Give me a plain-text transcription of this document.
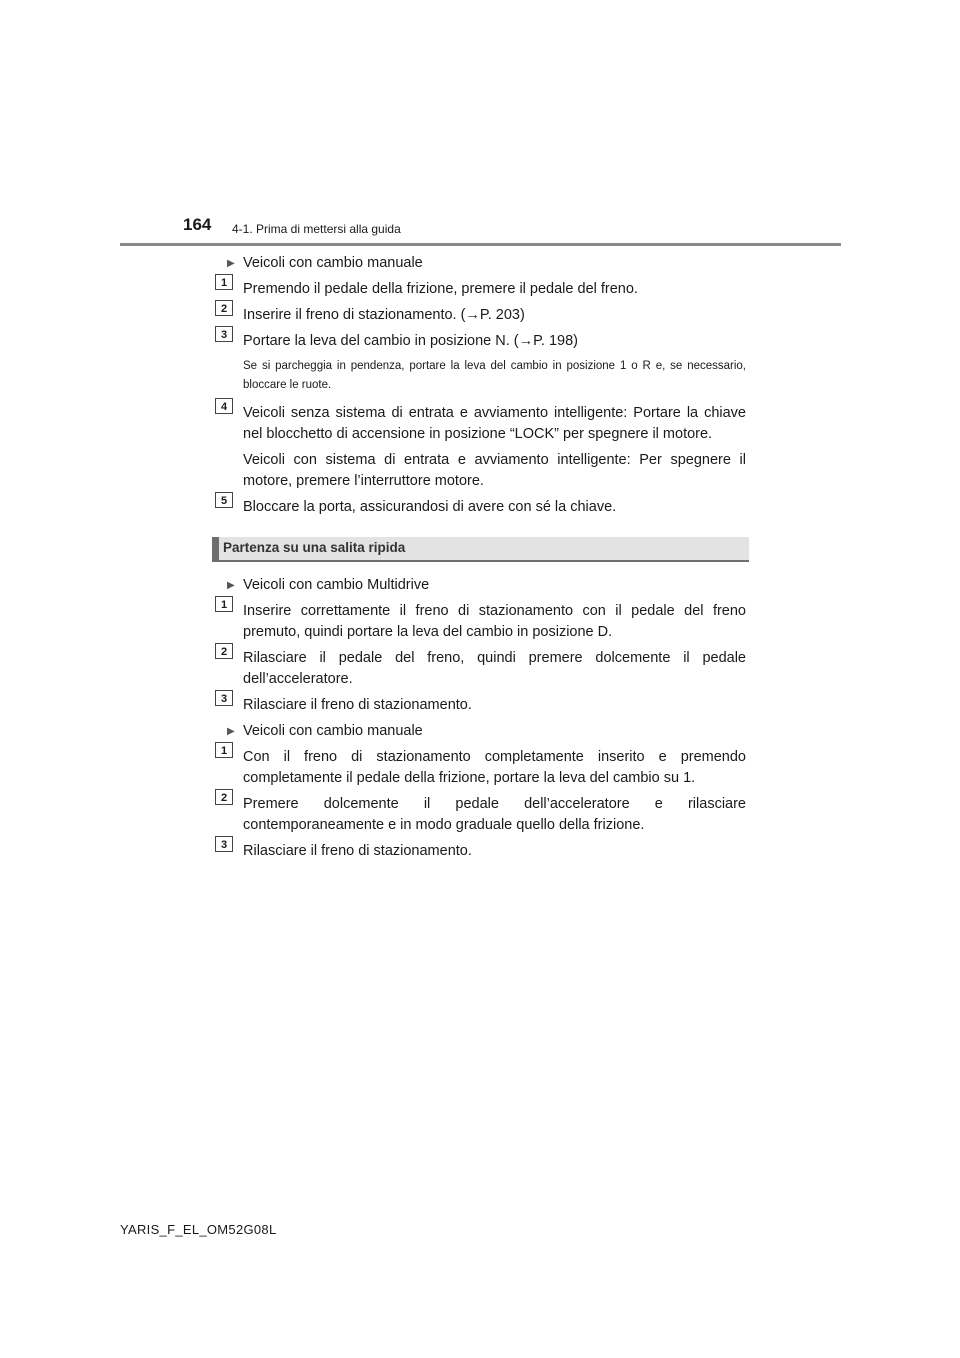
164 4-1. Prima di mettersi alla guida
▶ Veicoli con cambio manuale
1	Premendo il pedale della frizione, premere il pedale del freno.
2	Inserire il freno di stazionamento. (→P. 203)
3	Portare la leva del cambio in posizione N. (→P. 198)
Se si parcheggia in pendenza, portare la leva del cambio in posizione 1 o R e, se necessario, bloccare le ruote.
4	Veicoli senza sistema di entrata e avviamento intelligente: Portare la chiave nel blocchetto di accensione in posizione “LOCK” per spegnere il motore.
Veicoli con sistema di entrata e avviamento intelligente: Per spegnere il motore, premere l’interruttore motore.
5	Bloccare la porta, assicurandosi di avere con sé la chiave.
Partenza su una salita ripida
▶ Veicoli con cambio Multidrive
1	Inserire correttamente il freno di stazionamento con il pedale del freno premuto, quindi portare la leva del cambio in posizione D.
2	Rilasciare il pedale del freno, quindi premere dolcemente il pedale dell’acceleratore.
3	Rilasciare il freno di stazionamento.
▶ Veicoli con cambio manuale
1	Con il freno di stazionamento completamente inserito e premendo completamente il pedale della frizione, portare la leva del cambio su 1.
2	Premere dolcemente il pedale dell’acceleratore e rilasciare contemporaneamente e in modo graduale quello della frizione.
3	Rilasciare il freno di stazionamento.
YARIS_F_EL_OM52G08L
